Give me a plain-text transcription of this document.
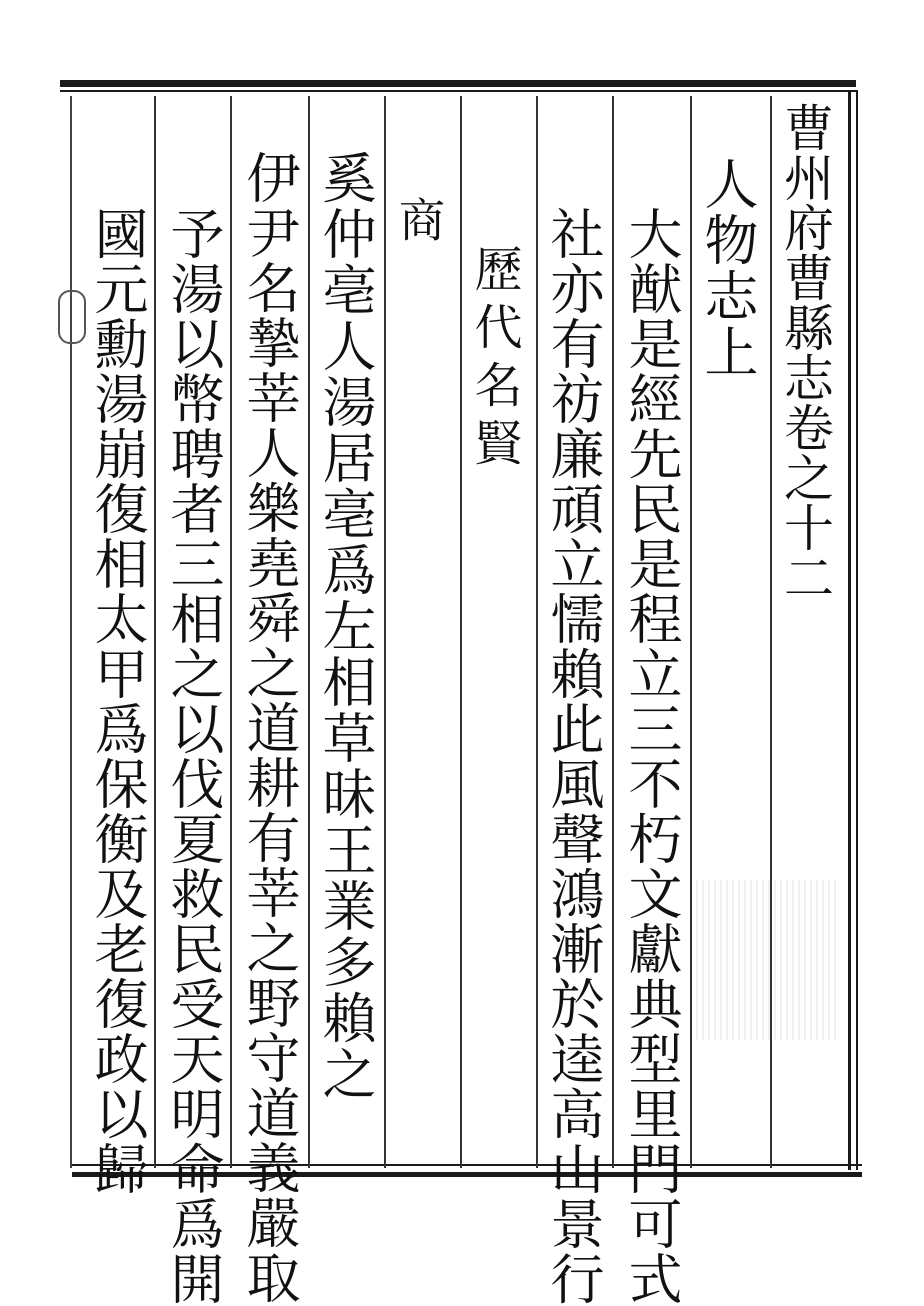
曹州府曹縣志卷之十二
人物志上
大猷是經先民是程立三不朽文獻典型里門可式
社亦有祊廉頑立懦賴此風聲鴻漸於逵高山景行
歷代名賢
商
奚仲亳人湯居亳爲左相草昧王業多賴之
伊尹名摯莘人樂堯舜之道耕有莘之野守道義嚴取
予湯以幣聘者三相之以伐夏救民受天明命爲開
國元勳湯崩復相太甲爲保衡及老復政以歸
